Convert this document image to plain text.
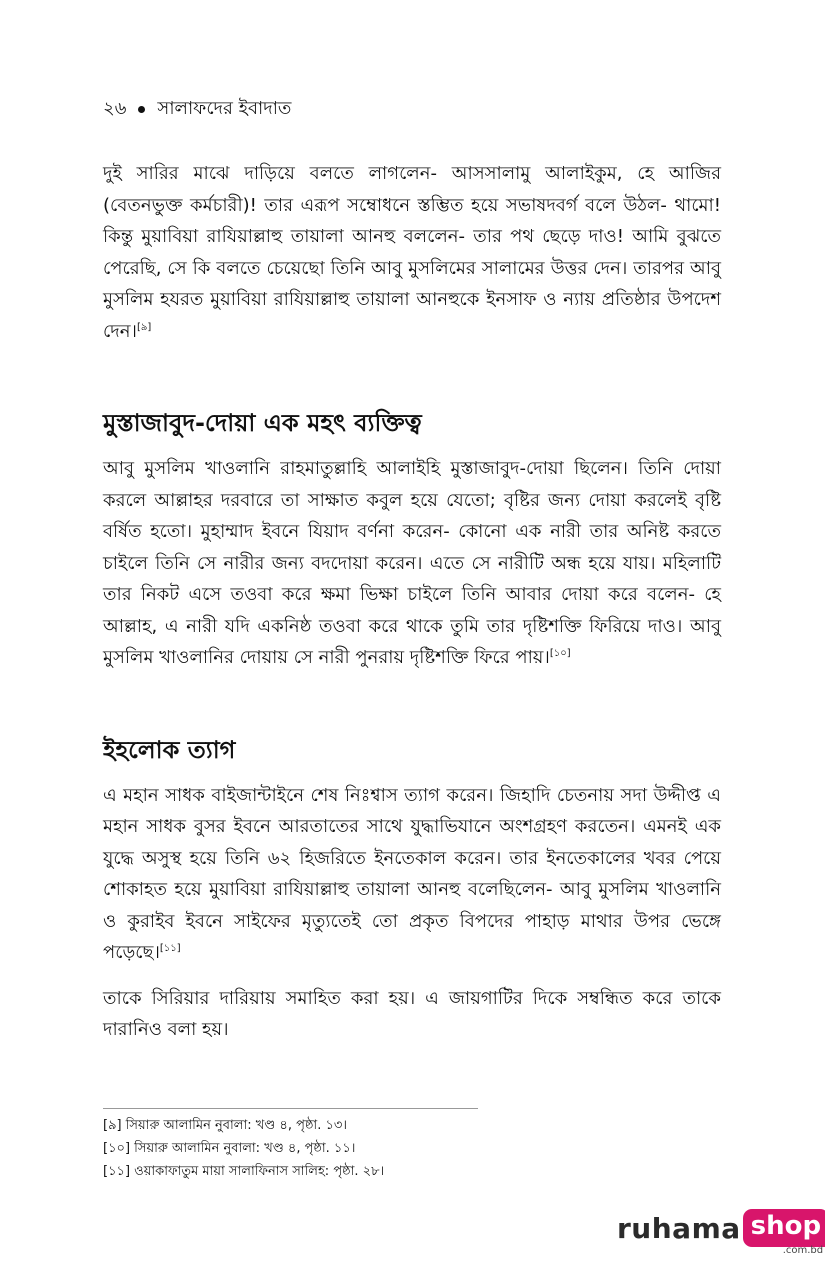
২৬ সালাফদের ইবাদাত

দুই সারির মাঝে দাড়িয়ে বলতে লাগলেন- আসসালামু আলাইকুম, হে আজির (বেতনভুক্ত কর্মচারী)! তার এরূপ সম্বোধনে স্তম্ভিত হয়ে সভাষদবর্গ বলে উঠল- থামো! কিন্তু মুয়াবিয়া রাযিয়াল্লাহু তায়ালা আনহু বললেন- তার পথ ছেড়ে দাও! আমি বুঝতে পেরেছি, সে কি বলতে চেয়েছো তিনি আবু মুসলিমের সালামের উত্তর দেন। তারপর আবু মুসলিম হযরত মুয়াবিয়া রাযিয়াল্লাহু তায়ালা আনহুকে ইনসাফ ও ন্যায় প্রতিষ্ঠার উপদেশ দেন।[৯]

মুস্তাজাবুদ-দোয়া এক মহৎ ব্যক্তিত্ব

আবু মুসলিম খাওলানি রাহমাতুল্লাহি আলাইহি মুস্তাজাবুদ-দোয়া ছিলেন। তিনি দোয়া করলে আল্লাহর দরবারে তা সাক্ষাত কবুল হয়ে যেতো; বৃষ্টির জন্য দোয়া করলেই বৃষ্টি বর্ষিত হতো। মুহাম্মাদ ইবনে যিয়াদ বর্ণনা করেন- কোনো এক নারী তার অনিষ্ট করতে চাইলে তিনি সে নারীর জন্য বদদোয়া করেন। এতে সে নারীটি অন্ধ হয়ে যায়। মহিলাটি তার নিকট এসে তওবা করে ক্ষমা ভিক্ষা চাইলে তিনি আবার দোয়া করে বলেন- হে আল্লাহ, এ নারী যদি একনিষ্ঠ তওবা করে থাকে তুমি তার দৃষ্টিশক্তি ফিরিয়ে দাও। আবু মুসলিম খাওলানির দোয়ায় সে নারী পুনরায় দৃষ্টিশক্তি ফিরে পায়।[১০]

ইহলোক ত্যাগ

এ মহান সাধক বাইজান্টাইনে শেষ নিঃশ্বাস ত্যাগ করেন। জিহাদি চেতনায় সদা উদ্দীপ্ত এ মহান সাধক বুসর ইবনে আরতাতের সাথে যুদ্ধাভিযানে অংশগ্রহণ করতেন। এমনই এক যুদ্ধে অসুস্থ হয়ে তিনি ৬২ হিজরিতে ইনতেকাল করেন। তার ইনতেকালের খবর পেয়ে শোকাহত হয়ে মুয়াবিয়া রাযিয়াল্লাহু তায়ালা আনহু বলেছিলেন- আবু মুসলিম খাওলানি ও কুরাইব ইবনে সাইফের মৃত্যুতেই তো প্রকৃত বিপদের পাহাড় মাথার উপর ভেঙ্গে পড়েছে।[১১]

তাকে সিরিয়ার দারিয়ায় সমাহিত করা হয়। এ জায়গাটির দিকে সম্বন্ধিত করে তাকে দারানিও বলা হয়।

[৯] সিয়ারু আলামিন নুবালা: খণ্ড ৪, পৃষ্ঠা. ১৩।
[১০] সিয়ারু আলামিন নুবালা: খণ্ড ৪, পৃষ্ঠা. ১১।
[১১] ওয়াকাফাতুম মায়া সালাফিনাস সালিহ: পৃষ্ঠা. ২৮।
ruhama shop
.com.bd
